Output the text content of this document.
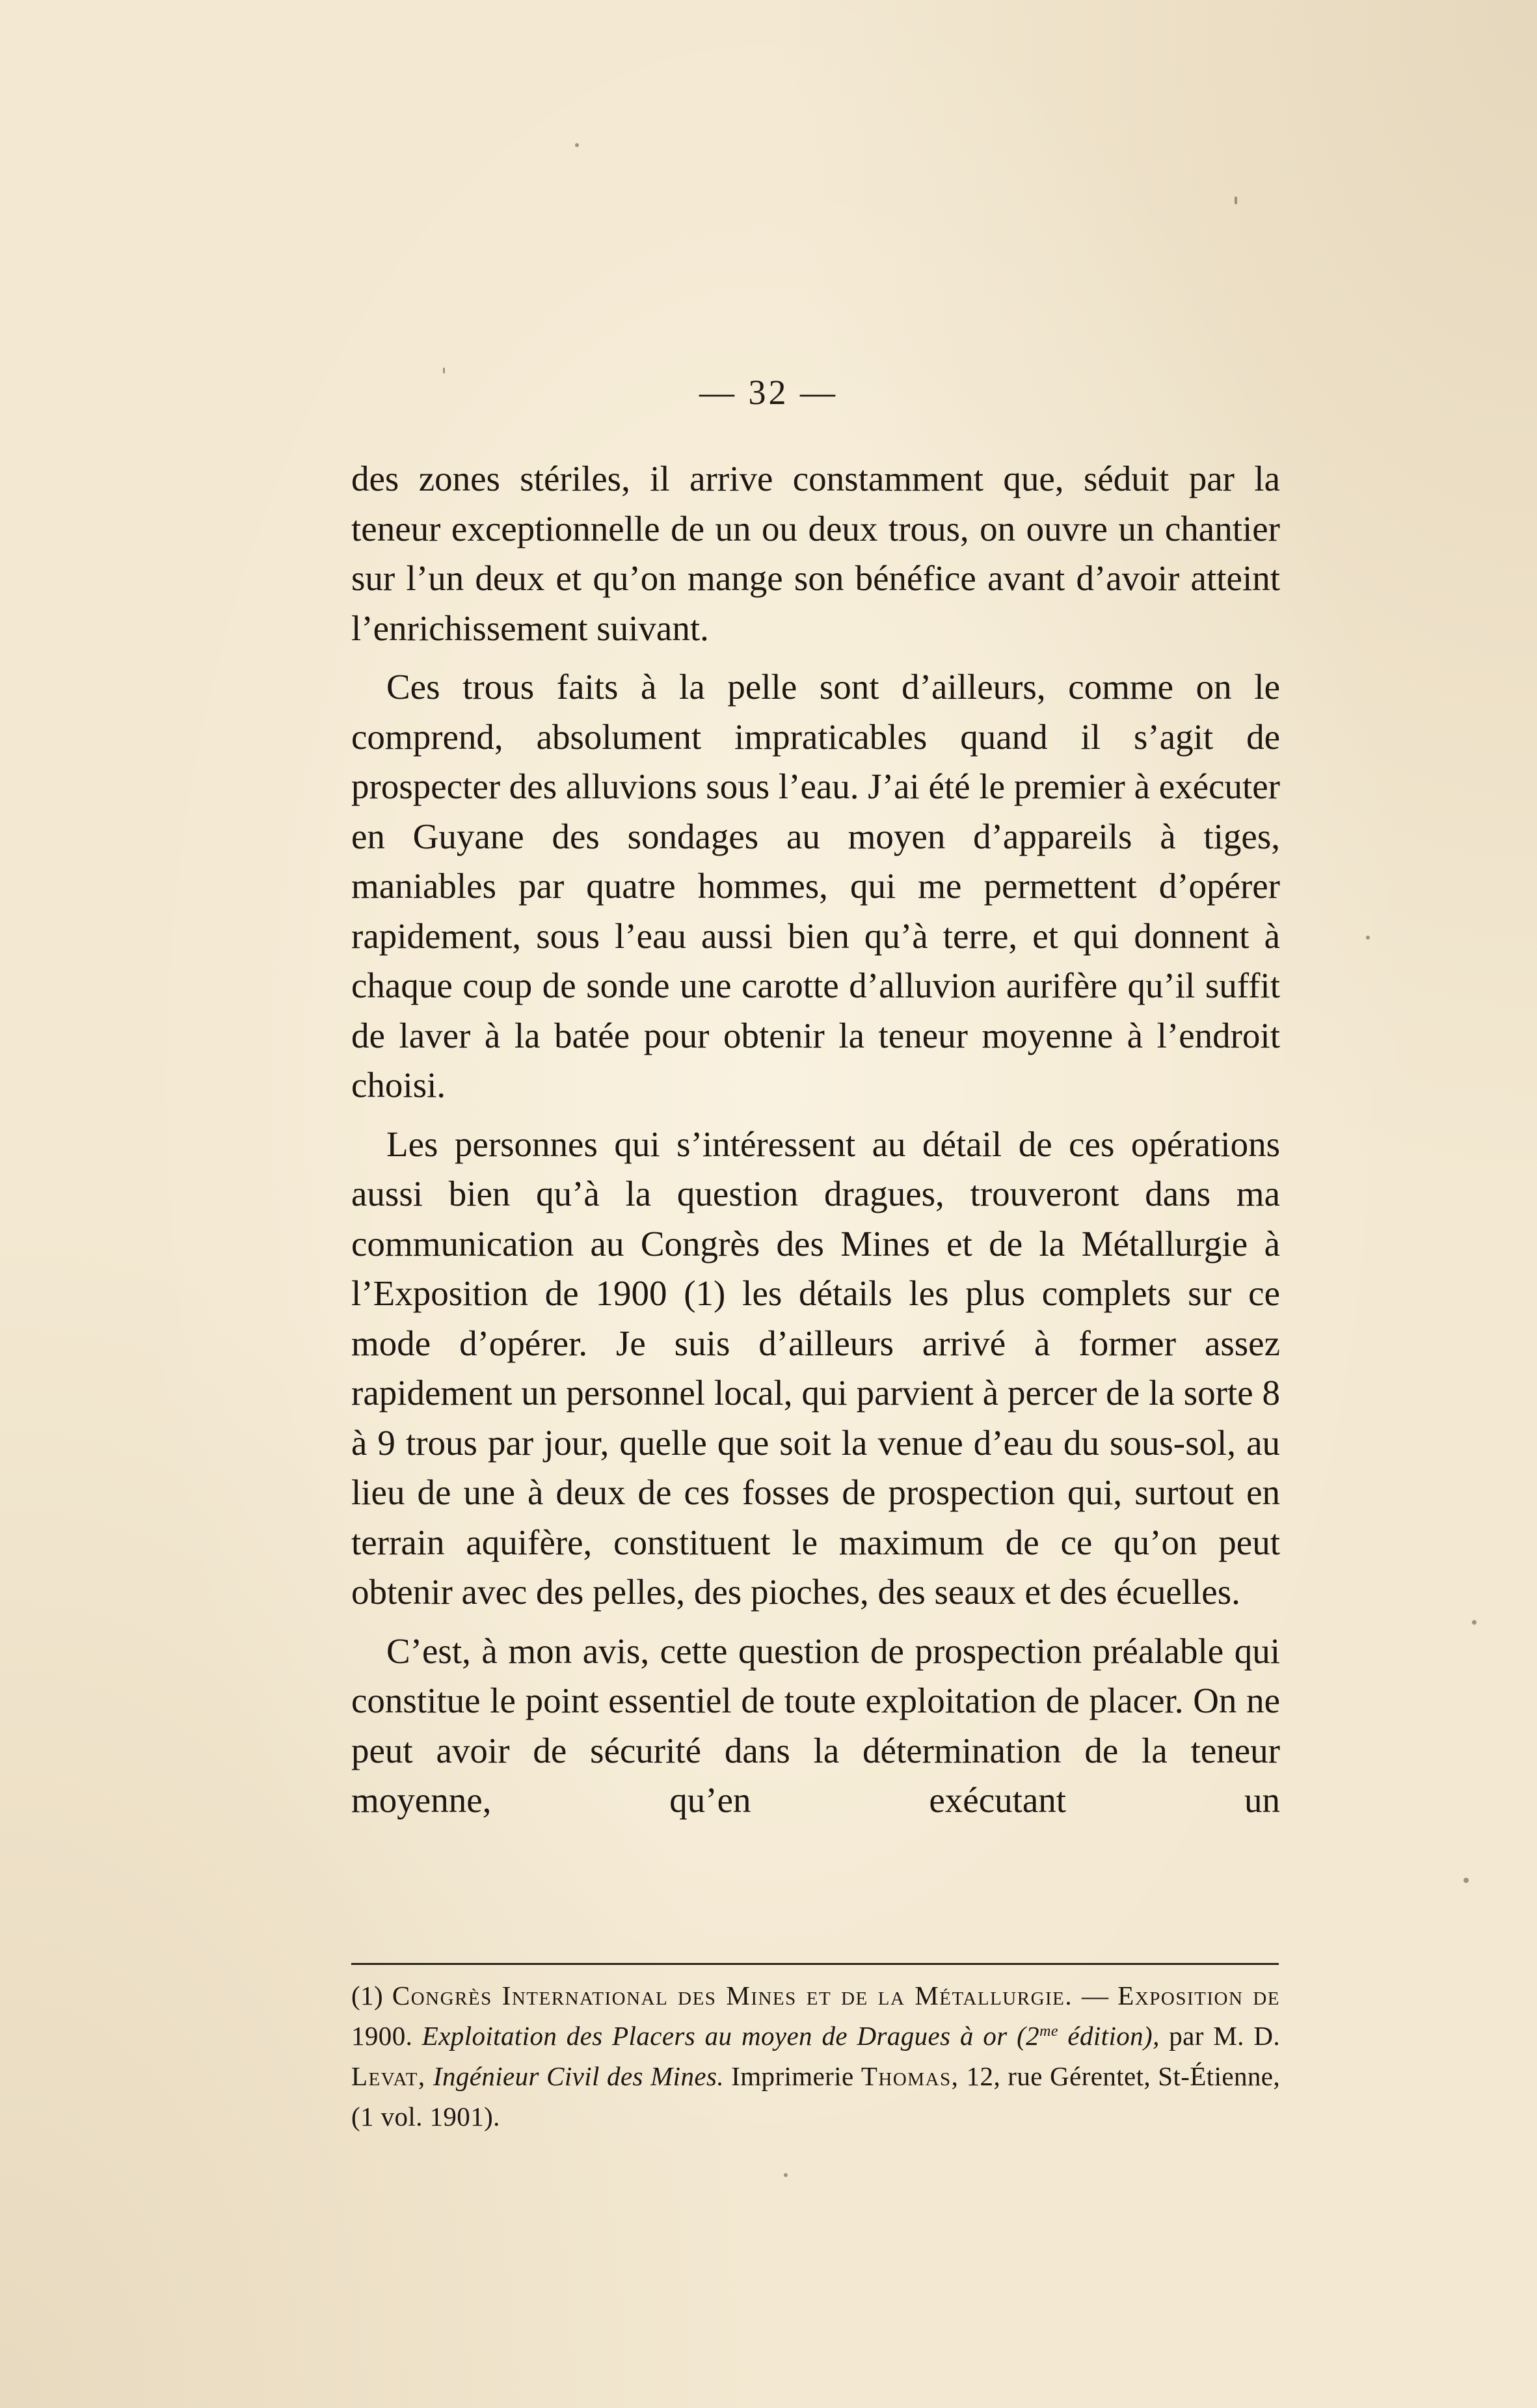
— 32 —

des zones stériles, il arrive constamment que, séduit par la teneur exceptionnelle de un ou deux trous, on ouvre un chantier sur l’un deux et qu’on mange son bénéfice avant d’avoir atteint l’enrichissement suivant.

Ces trous faits à la pelle sont d’ailleurs, comme on le comprend, absolument impraticables quand il s’agit de prospecter des alluvions sous l’eau. J’ai été le premier à exécuter en Guyane des sondages au moyen d’appareils à tiges, maniables par quatre hommes, qui me permettent d’opérer rapidement, sous l’eau aussi bien qu’à terre, et qui donnent à chaque coup de sonde une carotte d’alluvion aurifère qu’il suffit de laver à la batée pour obtenir la teneur moyenne à l’endroit choisi.

Les personnes qui s’intéressent au détail de ces opérations aussi bien qu’à la question dragues, trouveront dans ma communication au Congrès des Mines et de la Métallurgie à l’Exposition de 1900 (1) les détails les plus complets sur ce mode d’opérer. Je suis d’ailleurs arrivé à former assez rapidement un personnel local, qui parvient à percer de la sorte 8 à 9 trous par jour, quelle que soit la venue d’eau du sous-sol, au lieu de une à deux de ces fosses de prospection qui, surtout en terrain aquifère, constituent le maximum de ce qu’on peut obtenir avec des pelles, des pioches, des seaux et des écuelles.

C’est, à mon avis, cette question de prospection préalable qui constitue le point essentiel de toute exploitation de placer. On ne peut avoir de sécurité dans la détermination de la teneur moyenne, qu’en exécutant un

(1) Congrès International des Mines et de la Métallurgie. — Exposition de 1900. Exploitation des Placers au moyen de Dragues à or ($2^{me}$ édition), par M. D. Levat, Ingénieur Civil des Mines. Imprimerie Thomas, 12, rue Gérentet, St-Étienne, (1 vol. 1901).
